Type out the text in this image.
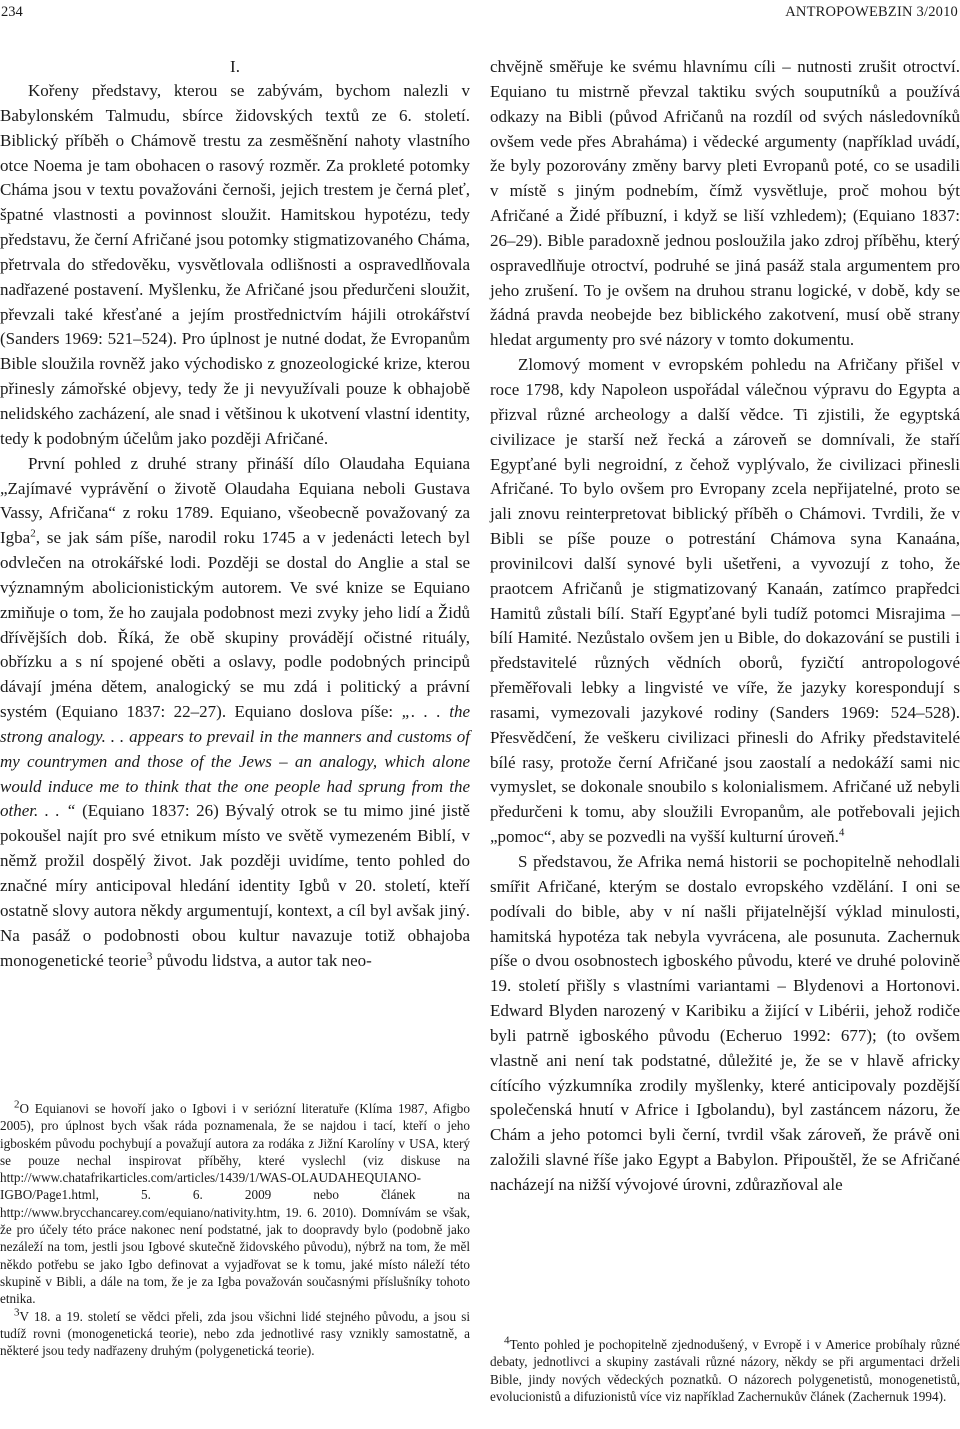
234	ANTROPOWEBZIN 3/2010

I.

Kořeny představy, kterou se zabývám, bychom nalezli v Babylonském Talmudu, sbírce židovských textů ze 6. století. Biblický příběh o Chámově trestu za zesměšnění nahoty vlastního otce Noema je tam obohacen o rasový rozměr. Za prokleté potomky Cháma jsou v textu považováni černoši, jejich trestem je černá pleť, špatné vlastnosti a povinnost sloužit. Hamitskou hypotézu, tedy představu, že černí Afričané jsou potomky stigmatizovaného Cháma, přetrvala do středověku, vysvětlovala odlišnosti a ospravedlňovala nadřazené postavení. Myšlenku, že Afričané jsou předurčeni sloužit, převzali také křesťané a jejím prostřednictvím hájili otrokářství (Sanders 1969: 521–524). Pro úplnost je nutné dodat, že Evropanům Bible sloužila rovněž jako východisko z gnozeologické krize, kterou přinesly zámořské objevy, tedy že ji nevyužívali pouze k obhajobě nelidského zacházení, ale snad i většinou k ukotvení vlastní identity, tedy k podobným účelům jako později Afričané.

První pohled z druhé strany přináší dílo Olaudaha Equiana „Zajímavé vyprávění o životě Olaudaha Equiana neboli Gustava Vassy, Afričana“ z roku 1789. Equiano, všeobecně považovaný za Igba$^2$, se jak sám píše, narodil roku 1745 a v jedenácti letech byl odvlečen na otrokářské lodi. Později se dostal do Anglie a stal se významným abolicionistickým autorem. Ve své knize se Equiano zmiňuje o tom, že ho zaujala podobnost mezi zvyky jeho lidí a Židů dřívějších dob. Říká, že obě skupiny provádějí očistné rituály, obřízku a s ní spojené oběti a oslavy, podle podobných principů dávají jména dětem, analogický se mu zdá i politický a právní systém (Equiano 1837: 22–27). Equiano doslova píše: „. . . the strong analogy. . . appears to prevail in the manners and customs of my countrymen and those of the Jews – an analogy, which alone would induce me to think that the one people had sprung from the other. . . “ (Equiano 1837: 26) Bývalý otrok se tu mimo jiné jistě pokoušel najít pro své etnikum místo ve světě vymezeném Biblí, v němž prožil dospělý život. Jak později uvidíme, tento pohled do značné míry anticipoval hledání identity Igbů v 20. století, kteří ostatně slovy autora někdy argumentují, kontext, a cíl byl avšak jiný. Na pasáž o podobnosti obou kultur navazuje totiž obhajoba monogenetické teorie$^3$ původu lidstva, a autor tak neo-

$^2$O Equianovi se hovoří jako o Igbovi i v seriózní literatuře (Klíma 1987, Afigbo 2005), pro úplnost bych však ráda poznamenala, že se najdou i tací, kteří o jeho igboském původu pochybují a považují autora za rodáka z Jižní Karolíny v USA, který se pouze nechal inspirovat příběhy, které vyslechl (viz diskuse na http://www.chatafrikarticles.com/articles/1439/1/WAS-OLAUDAHEQUIANO-IGBO/Page1.html, 5. 6. 2009 nebo článek na http://www.brycchancarey.com/equiano/nativity.htm, 19. 6. 2010). Domnívám se však, že pro účely této práce nakonec není podstatné, jak to doopravdy bylo (podobně jako nezáleží na tom, jestli jsou Igbové skutečně židovského původu), nýbrž na tom, že měl někdo potřebu se jako Igbo definovat a vyjadřovat se k tomu, jaké místo náleží této skupině v Bibli, a dále na tom, že je za Igba považován současnými příslušníky tohoto etnika.

$^3$V 18. a 19. století se vědci přeli, zda jsou všichni lidé stejného původu, a jsou si tudíž rovni (monogenetická teorie), nebo zda jednotlivé rasy vznikly samostatně, a některé jsou tedy nadřazeny druhým (polygenetická teorie).

chvějně směřuje ke svému hlavnímu cíli – nutnosti zrušit otroctví. Equiano tu mistrně převzal taktiku svých souputníků a používá odkazy na Bibli (původ Afričanů na rozdíl od svých následovníků ovšem vede přes Abraháma) i vědecké argumenty (například uvádí, že byly pozorovány změny barvy pleti Evropanů poté, co se usadili v místě s jiným podnebím, čímž vysvětluje, proč mohou být Afričané a Židé příbuzní, i když se liší vzhledem); (Equiano 1837: 26–29). Bible paradoxně jednou posloužila jako zdroj příběhu, který ospravedlňuje otroctví, podruhé se jiná pasáž stala argumentem pro jeho zrušení. To je ovšem na druhou stranu logické, v době, kdy se žádná pravda neobejde bez biblického zakotvení, musí obě strany hledat argumenty pro své názory v tomto dokumentu.

Zlomový moment v evropském pohledu na Afričany přišel v roce 1798, kdy Napoleon uspořádal válečnou výpravu do Egypta a přizval různé archeology a další vědce. Ti zjistili, že egyptská civilizace je starší než řecká a zároveň se domnívali, že staří Egypťané byli negroidní, z čehož vyplývalo, že civilizaci přinesli Afričané. To bylo ovšem pro Evropany zcela nepřijatelné, proto se jali znovu reinterpretovat biblický příběh o Chámovi. Tvrdili, že v Bibli se píše pouze o potrestání Chámova syna Kanaána, provinilcovi další synové byli ušetřeni, a vyvozují z toho, že praotcem Afričanů je stigmatizovaný Kanaán, zatímco prapředci Hamitů zůstali bílí. Staří Egypťané byli tudíž potomci Misrajima – bílí Hamité. Nezůstalo ovšem jen u Bible, do dokazování se pustili i představitelé různých vědních oborů, fyzičtí antropologové přeměřovali lebky a lingvisté ve víře, že jazyky korespondují s rasami, vymezovali jazykové rodiny (Sanders 1969: 524–528). Přesvědčení, že veškeru civilizaci přinesli do Afriky představitelé bílé rasy, protože černí Afričané jsou zaostalí a nedokáží sami nic vymyslet, se dokonale snoubilo s kolonialismem. Afričané už nebyli předurčeni k tomu, aby sloužili Evropanům, ale potřebovali jejich „pomoc“, aby se pozvedli na vyšší kulturní úroveň.$^4$

S představou, že Afrika nemá historii se pochopitelně nehodlali smířit Afričané, kterým se dostalo evropského vzdělání. I oni se podívali do bible, aby v ní našli přijatelnější výklad minulosti, hamitská hypotéza tak nebyla vyvrácena, ale posunuta. Zachernuk píše o dvou osobnostech igboského původu, které ve druhé polovině 19. století přišly s vlastními variantami – Blydenovi a Hortonovi. Edward Blyden narozený v Karibiku a žijící v Libérii, jehož rodiče byli patrně igboského původu (Echeruo 1992: 677); (to ovšem vlastně ani není tak podstatné, důležité je, že se v hlavě africky cítícího výzkumníka zrodily myšlenky, které anticipovaly pozdější společenská hnutí v Africe i Igbolandu), byl zastáncem názoru, že Chám a jeho potomci byli černí, tvrdil však zároveň, že právě oni založili slavné říše jako Egypt a Babylon. Připouštěl, že se Afričané nacházejí na nižší vývojové úrovni, zdůrazňoval ale

$^4$Tento pohled je pochopitelně zjednodušený, v Evropě i v Americe probíhaly různé debaty, jednotlivci a skupiny zastávali různé názory, někdy se při argumentaci drželi Bible, jindy nových vědeckých poznatků. O názorech polygenetistů, monogenetistů, evolucionistů a difuzionistů více viz například Zachernukův článek (Zachernuk 1994).
